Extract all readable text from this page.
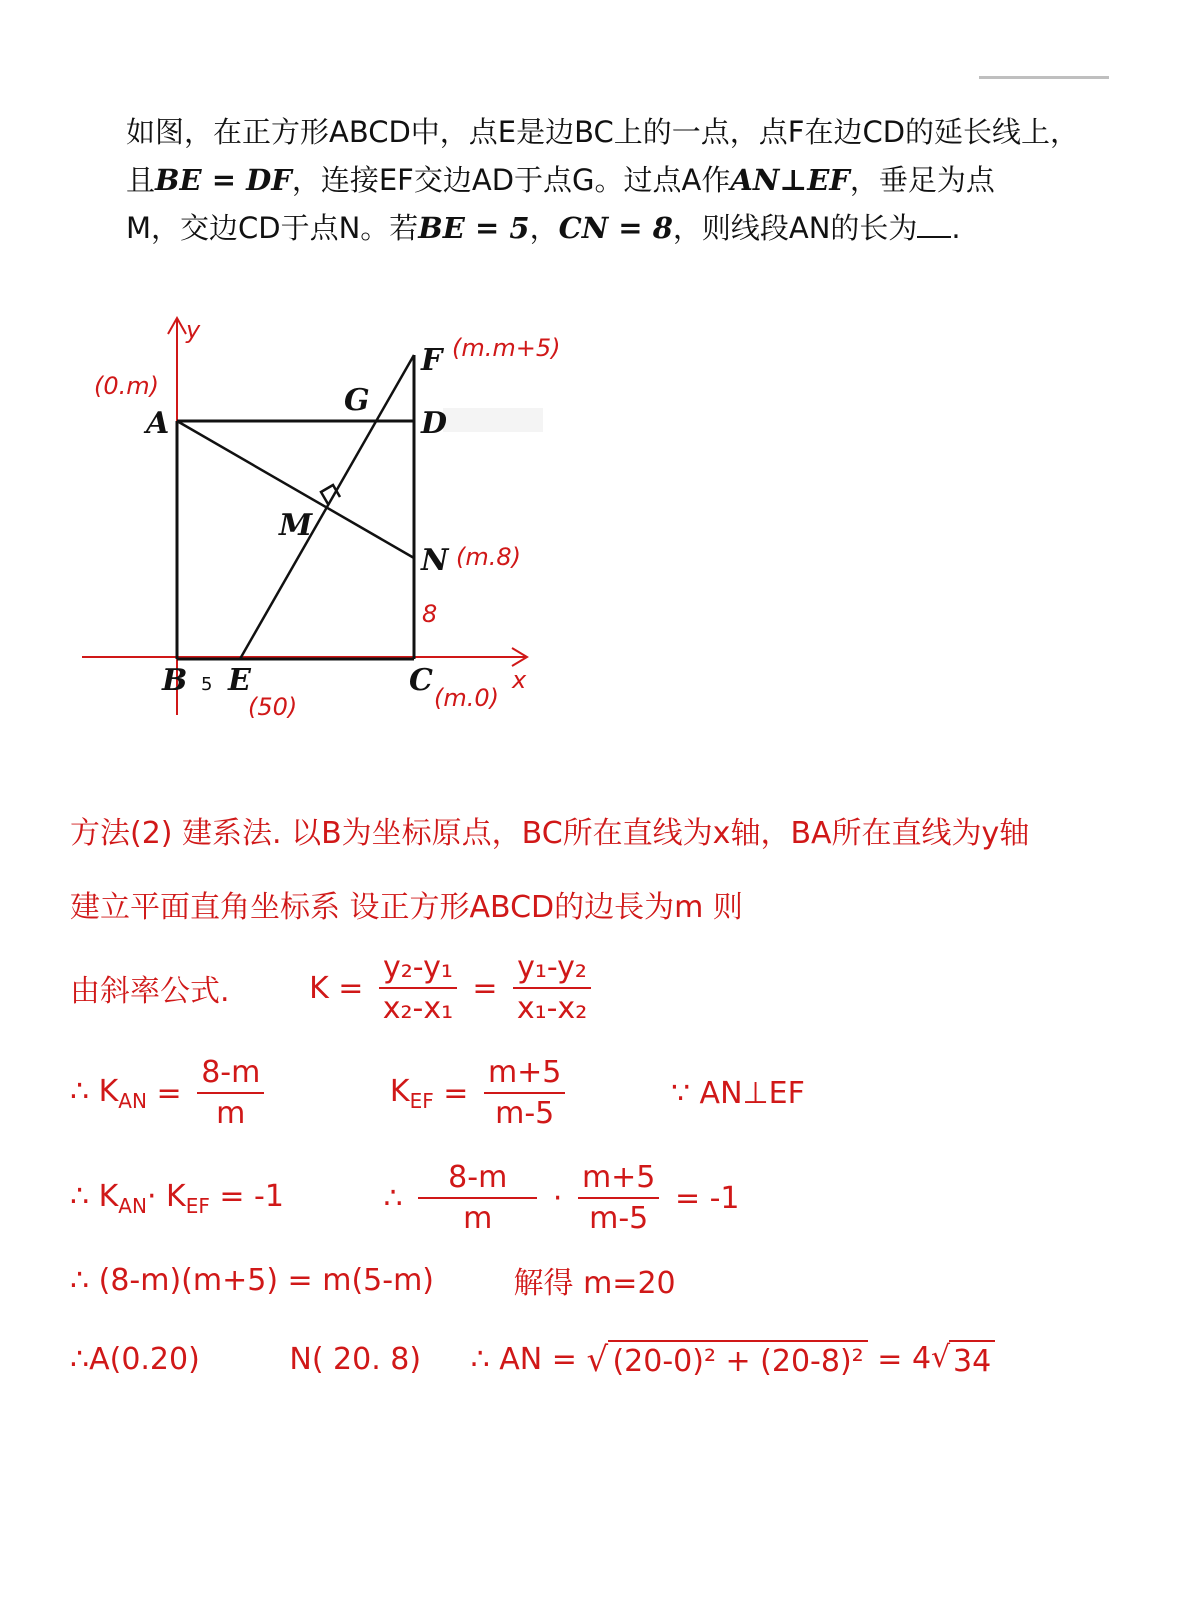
如图，在正方形ABCD中，点E是边BC上的一点，点F在边CD的延长线上，
且BE = DF，连接EF交边AD于点G。过点A作AN⊥EF，垂足为点
M，交边CD于点N。若BE = 5，CN = 8，则线段AN的长为 .
A
B	C
D
E
F
G
M
N
y
x
(0.m)
(m.m+5)
(m.8)
(50)	(m.0)
8
5
方法(2) 建系法. 以B为坐标原点，BC所在直线为x轴，BA所在直线为y轴
建立平面直角坐标系 设正方形ABCD的边長为m 则
由斜率公式.	$K = \frac{\text{y₂-y₁}}{\text{x₂-x₁}} = \frac{\text{y₁-y₂}}{\text{x₁-x₂}}$
∴ $K_{AN} = \frac{8-m}{m}$	$K_{EF} = \frac{m+5}{m-5}$	∵ AN⊥EF
∴ $K_{AN}\cdot K_{EF} = -1$	∴ $\frac{8-m}{m} \cdot \frac{m+5}{m-5} = -1$
∴ (8-m)(m+5) = m(5-m)	解得 m=20
∴A(0.20)	N( 20. 8) ∴ AN = √ (20-0)² + (20-8)² = 4 √ 34
